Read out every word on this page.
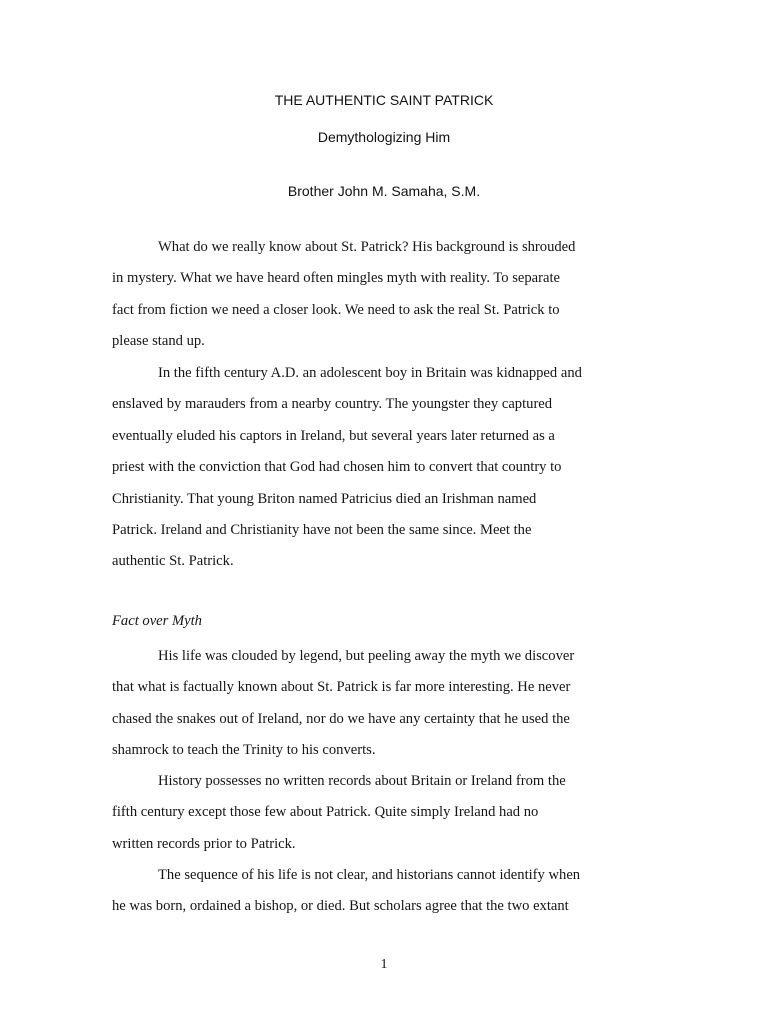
THE AUTHENTIC SAINT PATRICK
Demythologizing Him
Brother John M. Samaha, S.M.
What do we really know about St. Patrick? His background is shrouded
in mystery. What we have heard often mingles myth with reality. To separate
fact from fiction we need a closer look. We need to ask the real St. Patrick to
please stand up.
In the fifth century A.D. an adolescent boy in Britain was kidnapped and
enslaved by marauders from a nearby country. The youngster they captured
eventually eluded his captors in Ireland, but several years later returned as a
priest with the conviction that God had chosen him to convert that country to
Christianity. That young Briton named Patricius died an Irishman named
Patrick. Ireland and Christianity have not been the same since. Meet the
authentic St. Patrick.
Fact over Myth
His life was clouded by legend, but peeling away the myth we discover
that what is factually known about St. Patrick is far more interesting. He never
chased the snakes out of Ireland, nor do we have any certainty that he used the
shamrock to teach the Trinity to his converts.
History possesses no written records about Britain or Ireland from the
fifth century except those few about Patrick. Quite simply Ireland had no
written records prior to Patrick.
The sequence of his life is not clear, and historians cannot identify when
he was born, ordained a bishop, or died. But scholars agree that the two extant
1
